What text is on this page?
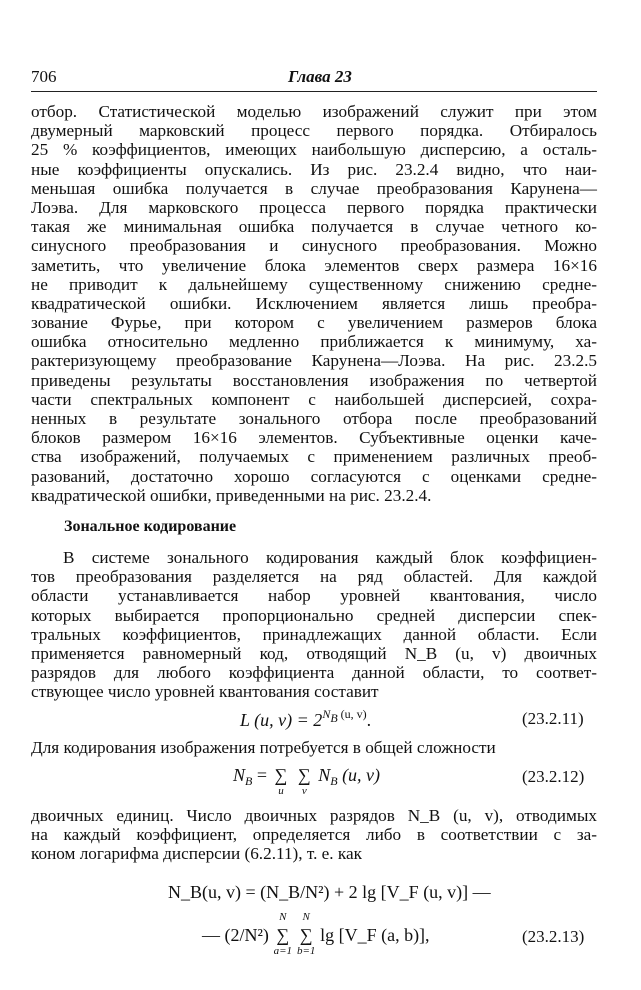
706	Глава 23
отбор. Статистической моделью изображений служит при этом
двумерный марковский процесс первого порядка. Отбиралось
25 % коэффициентов, имеющих наибольшую дисперсию, а осталь-
ные коэффициенты опускались. Из рис. 23.2.4 видно, что наи-
меньшая ошибка получается в случае преобразования Карунена—
Лоэва. Для марковского процесса первого порядка практически
такая же минимальная ошибка получается в случае четного ко-
синусного преобразования и синусного преобразования. Можно
заметить, что увеличение блока элементов сверх размера 16×16
не приводит к дальнейшему существенному снижению средне-
квадратической ошибки. Исключением является лишь преобра-
зование Фурье, при котором с увеличением размеров блока
ошибка относительно медленно приближается к минимуму, ха-
рактеризующему преобразование Карунена—Лоэва. На рис. 23.2.5
приведены результаты восстановления изображения по четвертой
части спектральных компонент с наибольшей дисперсией, сохра-
ненных в результате зонального отбора после преобразований
блоков размером 16×16 элементов. Субъективные оценки каче-
ства изображений, получаемых с применением различных преоб-
разований, достаточно хорошо согласуются с оценками средне-
квадратической ошибки, приведенными на рис. 23.2.4.
Зональное кодирование
В системе зонального кодирования каждый блок коэффициен-
тов преобразования разделяется на ряд областей. Для каждой
области устанавливается набор уровней квантования, число
которых выбирается пропорционально средней дисперсии спек-
тральных коэффициентов, принадлежащих данной области. Если
применяется равномерный код, отводящий N_B (u, v) двоичных
разрядов для любого коэффициента данной области, то соответ-
ствующее число уровней квантования составит
L (u, $v) = 2^{NB (u, v)}$.	(23.2.11)
Для кодирования изображения потребуется в общей сложности
$N_B$ = ∑
u
∑
v
$N_B$ (u, v)	(23.2.12)
двоичных единиц. Число двоичных разрядов N_B (u, v), отводимых
на каждый коэффициент, определяется либо в соответствии с за-
коном логарифма дисперсии (6.2.11), т. е. как
N_B(u, v) = (N_B/N²) + 2 lg [V_F (u, v)] —
— (2/N²) ∑
N
a=1
∑
N
b=1
lg [V_F (a, b)],	(23.2.13)
